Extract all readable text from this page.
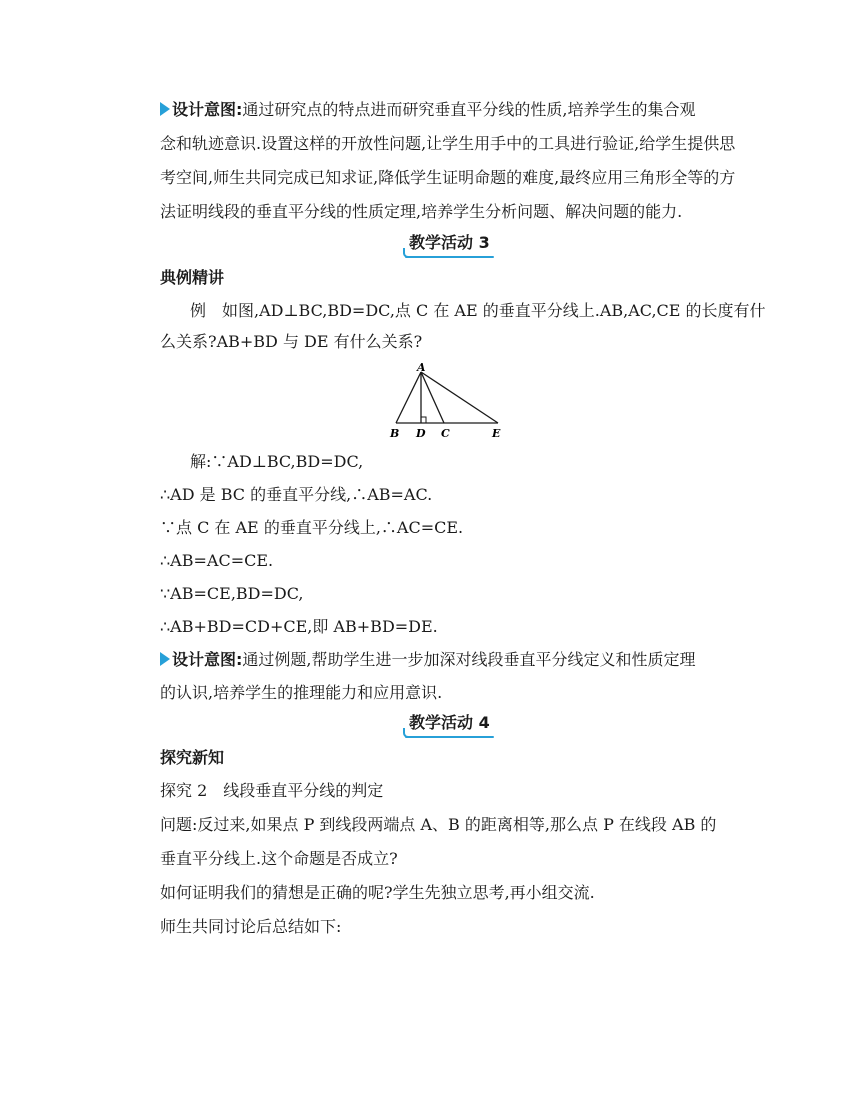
设计意图:通过研究点的特点进而研究垂直平分线的性质,培养学生的集合观
念和轨迹意识.设置这样的开放性问题,让学生用手中的工具进行验证,给学生提供思
考空间,师生共同完成已知求证,降低学生证明命题的难度,最终应用三角形全等的方
法证明线段的垂直平分线的性质定理,培养学生分析问题、解决问题的能力.
教学活动 3
典例精讲
例　如图,AD⊥BC,BD=DC,点 C 在 AE 的垂直平分线上.AB,AC,CE 的长度有什
么关系?AB+BD 与 DE 有什么关系?
A
B D C	E
解:∵AD⊥BC,BD=DC,
∴AD 是 BC 的垂直平分线,∴AB=AC.
∵点 C 在 AE 的垂直平分线上,∴AC=CE.
∴AB=AC=CE.
∵AB=CE,BD=DC,
∴AB+BD=CD+CE,即 AB+BD=DE.
设计意图:通过例题,帮助学生进一步加深对线段垂直平分线定义和性质定理
的认识,培养学生的推理能力和应用意识.
教学活动 4
探究新知
探究 2　线段垂直平分线的判定
问题:反过来,如果点 P 到线段两端点 A、B 的距离相等,那么点 P 在线段 AB 的
垂直平分线上.这个命题是否成立?
如何证明我们的猜想是正确的呢?学生先独立思考,再小组交流.
师生共同讨论后总结如下:
